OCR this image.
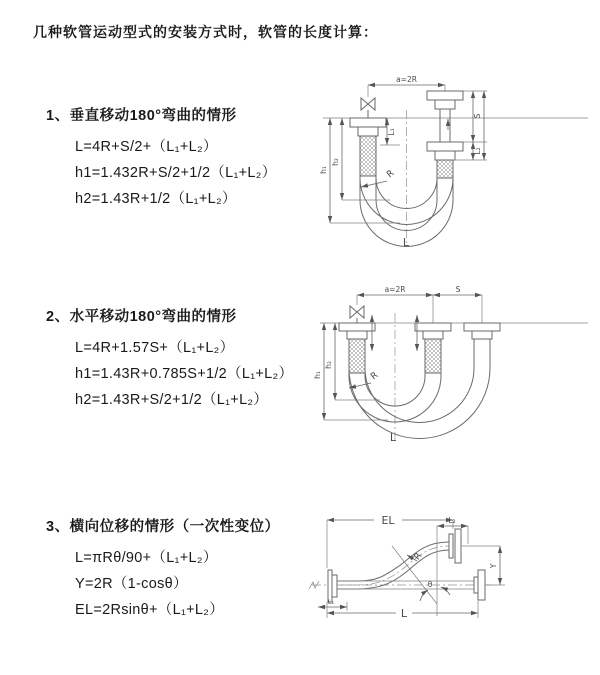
几种软管运动型式的安装方式时，软管的长度计算：
1、垂直移动180°弯曲的情形
L=4R+S/2+（L₁+L₂）
h1=1.432R+S/2+1/2（L₁+L₂）
h2=1.43R+1/2（L₁+L₂）
2、水平移动180°弯曲的情形
L=4R+1.57S+（L₁+L₂）
h1=1.43R+0.785S+1/2（L₁+L₂）
h2=1.43R+S/2+1/2（L₁+L₂）
3、横向位移的情形（一次性变位）
L=πRθ/90+（L₁+L₂）
Y=2R（1-cosθ）
EL=2Rsinθ+（L₁+L₂）
a=2R
L₁
h₁
h₂
S
L₂
R
L
a=2R	S
h₁
h₂
R
L
EL	L₂
Y
θ
R
L₁
L
